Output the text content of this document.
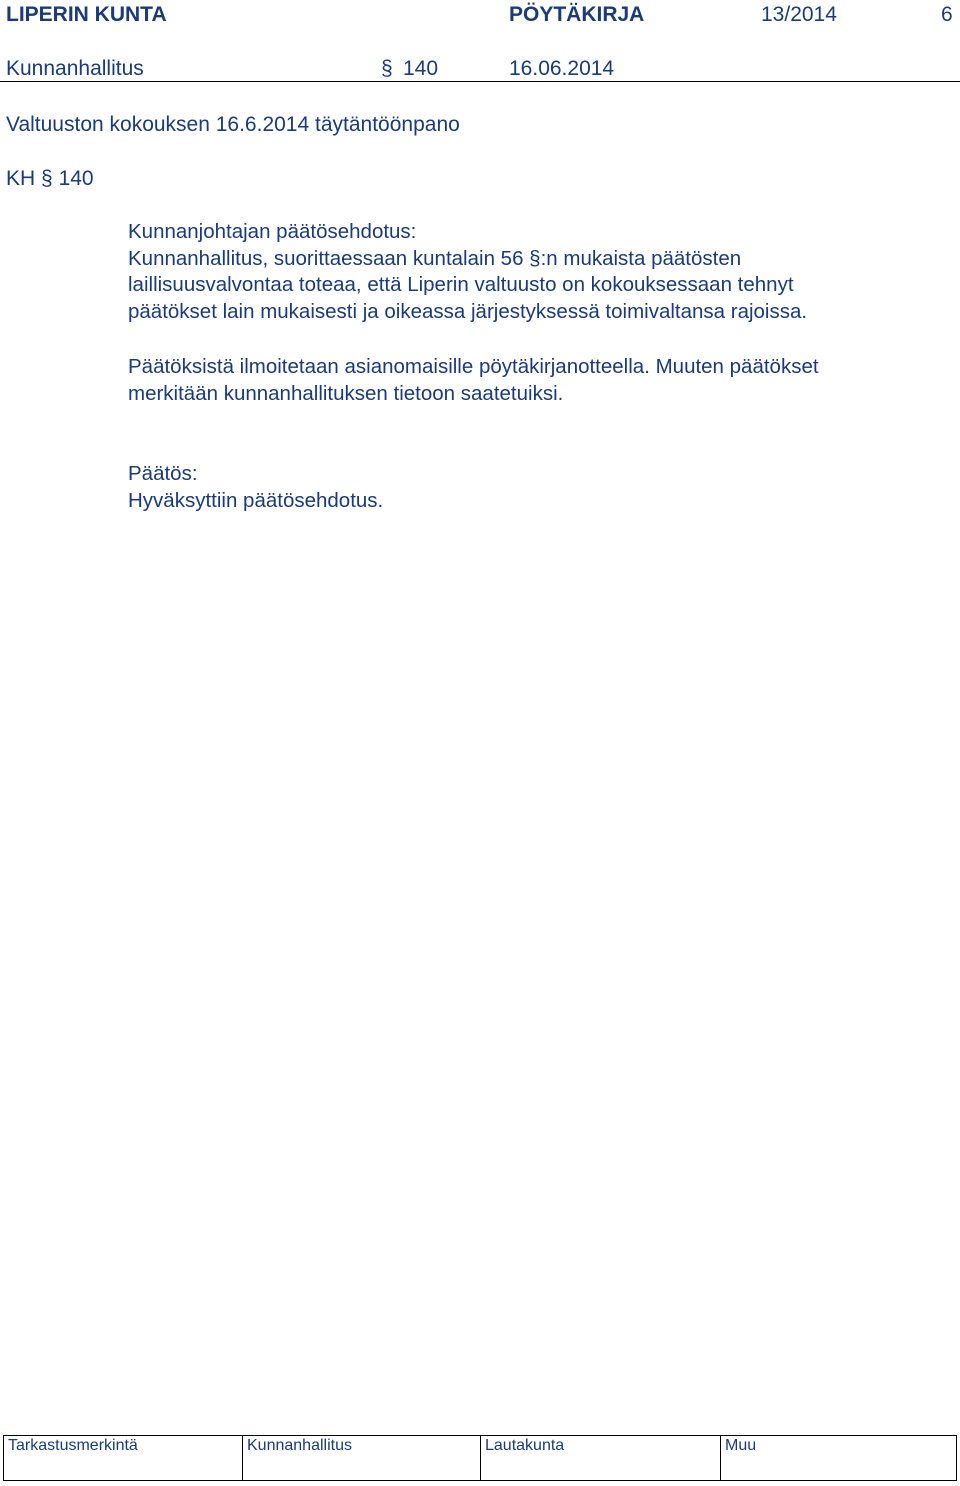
LIPERIN KUNTA	PÖYTÄKIRJA	13/2014	6
Kunnanhallitus	§ 140	16.06.2014
Valtuuston kokouksen 16.6.2014 täytäntöönpano
KH § 140

Kunnanjohtajan päätösehdotus:

Kunnanhallitus, suorittaessaan kuntalain 56 §:n mukaista päätösten

laillisuusvalvontaa toteaa, että Liperin valtuusto on kokouksessaan tehnyt

päätökset lain mukaisesti ja oikeassa järjestyksessä toimivaltansa rajoissa.

Päätöksistä ilmoitetaan asianomaisille pöytäkirjanotteella. Muuten päätökset

merkitään kunnanhallituksen tietoon saatetuiksi.

Päätös:

Hyväksyttiin päätösehdotus.

Tarkastusmerkintä	Kunnanhallitus	Lautakunta	Muu
